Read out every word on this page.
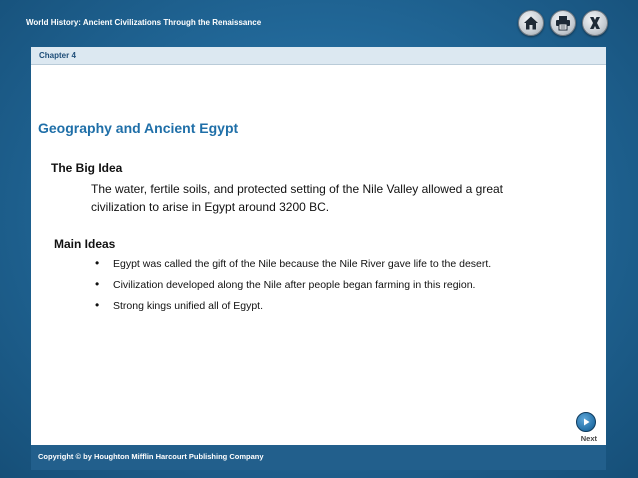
World History: Ancient Civilizations Through the Renaissance
Chapter 4
Geography and Ancient Egypt
The Big Idea
The water, fertile soils, and protected setting of the Nile Valley allowed a great civilization to arise in Egypt around 3200 BC.
Main Ideas
• Egypt was called the gift of the Nile because the Nile River gave life to the desert.
• Civilization developed along the Nile after people began farming in this region.
• Strong kings unified all of Egypt.
Next
Copyright © by Houghton Mifflin Harcourt Publishing Company
